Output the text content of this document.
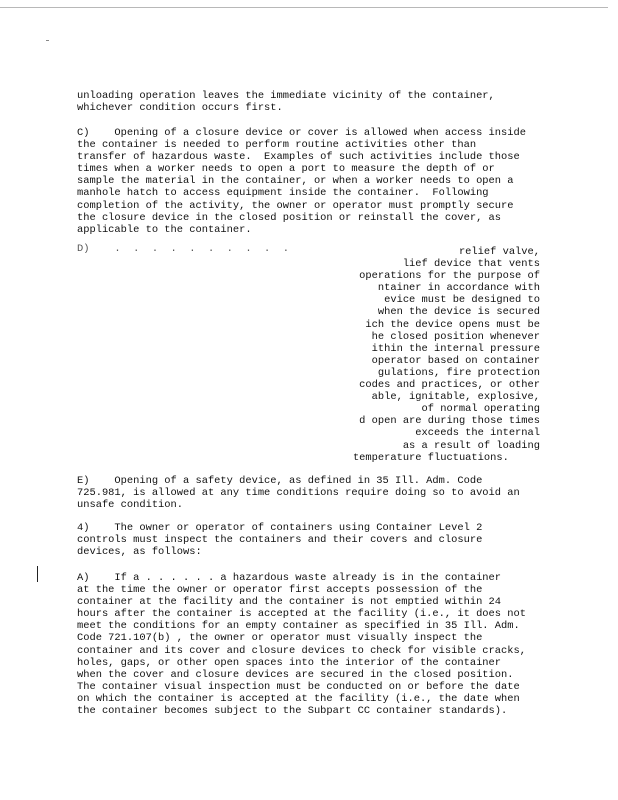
unloading operation leaves the immediate vicinity of the container,
whichever condition occurs first.
C)    Opening of a closure device or cover is allowed when access inside
the container is needed to perform routine activities other than
transfer of hazardous waste.  Examples of such activities include those
times when a worker needs to open a port to measure the depth of or
sample the material in the container, or when a worker needs to open a
manhole hatch to access equipment inside the container.  Following
completion of the activity, the owner or operator must promptly secure
the closure device in the closed position or reinstall the cover, as
applicable to the container.
D)    .  .  .  .  .  .  .  .  .  .	relief valve,
lief device that vents
operations for the purpose of
ntainer in accordance with
evice must be designed to
when the device is secured
ich the device opens must be
he closed position whenever
ithin the internal pressure
operator based on container
gulations, fire protection
codes and practices, or other
able, ignitable, explosive,
of normal operating
d open are during those times
exceeds the internal
as a result of loading
temperature fluctuations.
E)    Opening of a safety device, as defined in 35 Ill. Adm. Code
725.981, is allowed at any time conditions require doing so to avoid an
unsafe condition.
4)    The owner or operator of containers using Container Level 2
controls must inspect the containers and their covers and closure
devices, as follows:
A)    If a . . . . . . a hazardous waste already is in the container
at the time the owner or operator first accepts possession of the
container at the facility and the container is not emptied within 24
hours after the container is accepted at the facility (i.e., it does not
meet the conditions for an empty container as specified in 35 Ill. Adm.
Code 721.107(b) , the owner or operator must visually inspect the
container and its cover and closure devices to check for visible cracks,
holes, gaps, or other open spaces into the interior of the container
when the cover and closure devices are secured in the closed position.
The container visual inspection must be conducted on or before the date
on which the container is accepted at the facility (i.e., the date when
the container becomes subject to the Subpart CC container standards).
